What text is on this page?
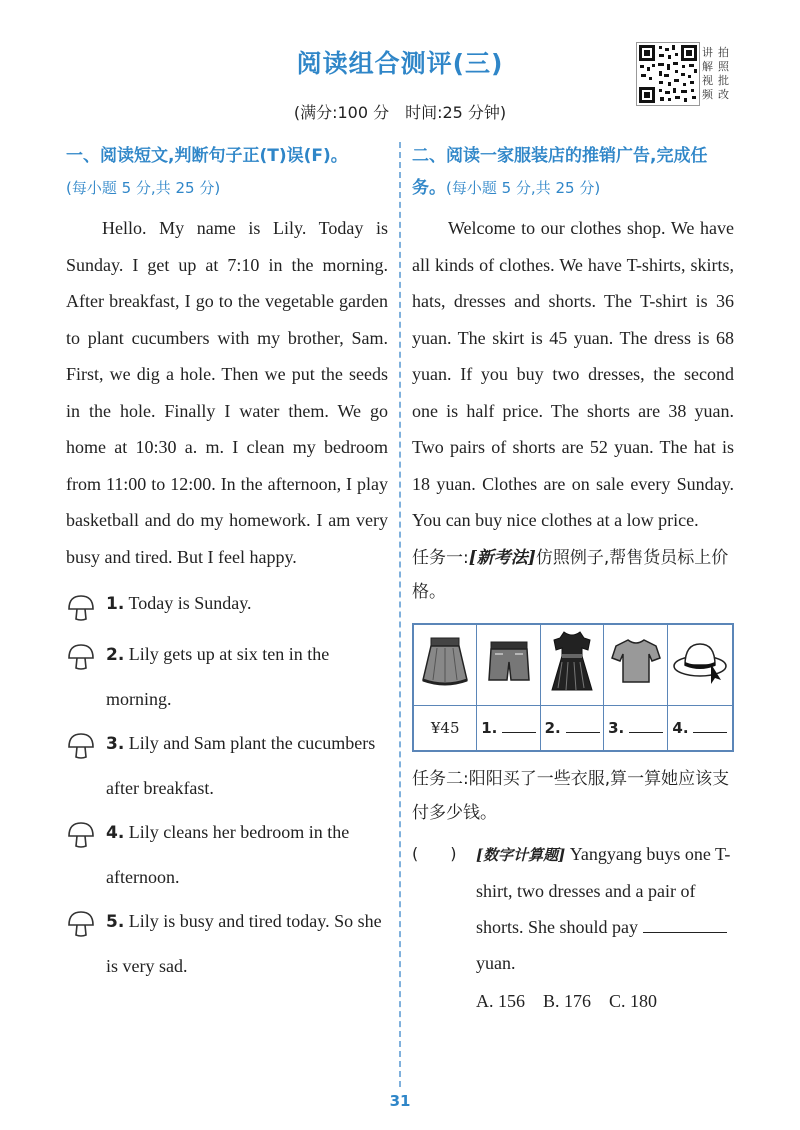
阅读组合测评(三)
(满分:100 分　时间:25 分钟)
讲 拍
解 照
视 批
频 改
一、阅读短文,判断句子正(T)误(F)。
(每小题 5 分,共 25 分)

Hello. My name is Lily. Today is Sunday. I get up at 7:10 in the morning. After breakfast, I go to the vegetable garden to plant cucumbers with my brother, Sam. First, we dig a hole. Then we put the seeds in the hole. Finally I water them. We go home at 10:30 a. m. I clean my bedroom from 11:00 to 12:00. In the afternoon, I play basketball and do my homework. I am very busy and tired. But I feel happy.

1. Today is Sunday.
2. Lily gets up at six ten in the morning.
3. Lily and Sam plant the cucumbers after breakfast.
4. Lily cleans her bedroom in the afternoon.
5. Lily is busy and tired today. So she is very sad.
二、阅读一家服装店的推销广告,完成任务。(每小题 5 分,共 25 分)

Welcome to our clothes shop. We have all kinds of clothes. We have T-shirts, skirts, hats, dresses and shorts. The T-shirt is 36 yuan. The skirt is 45 yuan. The dress is 68 yuan. If you buy two dresses, the second one is half price. The shorts are 38 yuan. Two pairs of shorts are 52 yuan. The hat is 18 yuan. Clothes are on sale every Sunday. You can buy nice clothes at a low price.

任务一:[新考法]仿照例子,帮售货员标上价格。

¥45	1.	2.	3.	4.
任务二:阳阳买了一些衣服,算一算她应该支付多少钱。
(　　)	[数字计算题] Yangyang buys one T-shirt, two dresses and a pair of shorts. She should pay  yuan.
A. 156　B. 176　C. 180
31
